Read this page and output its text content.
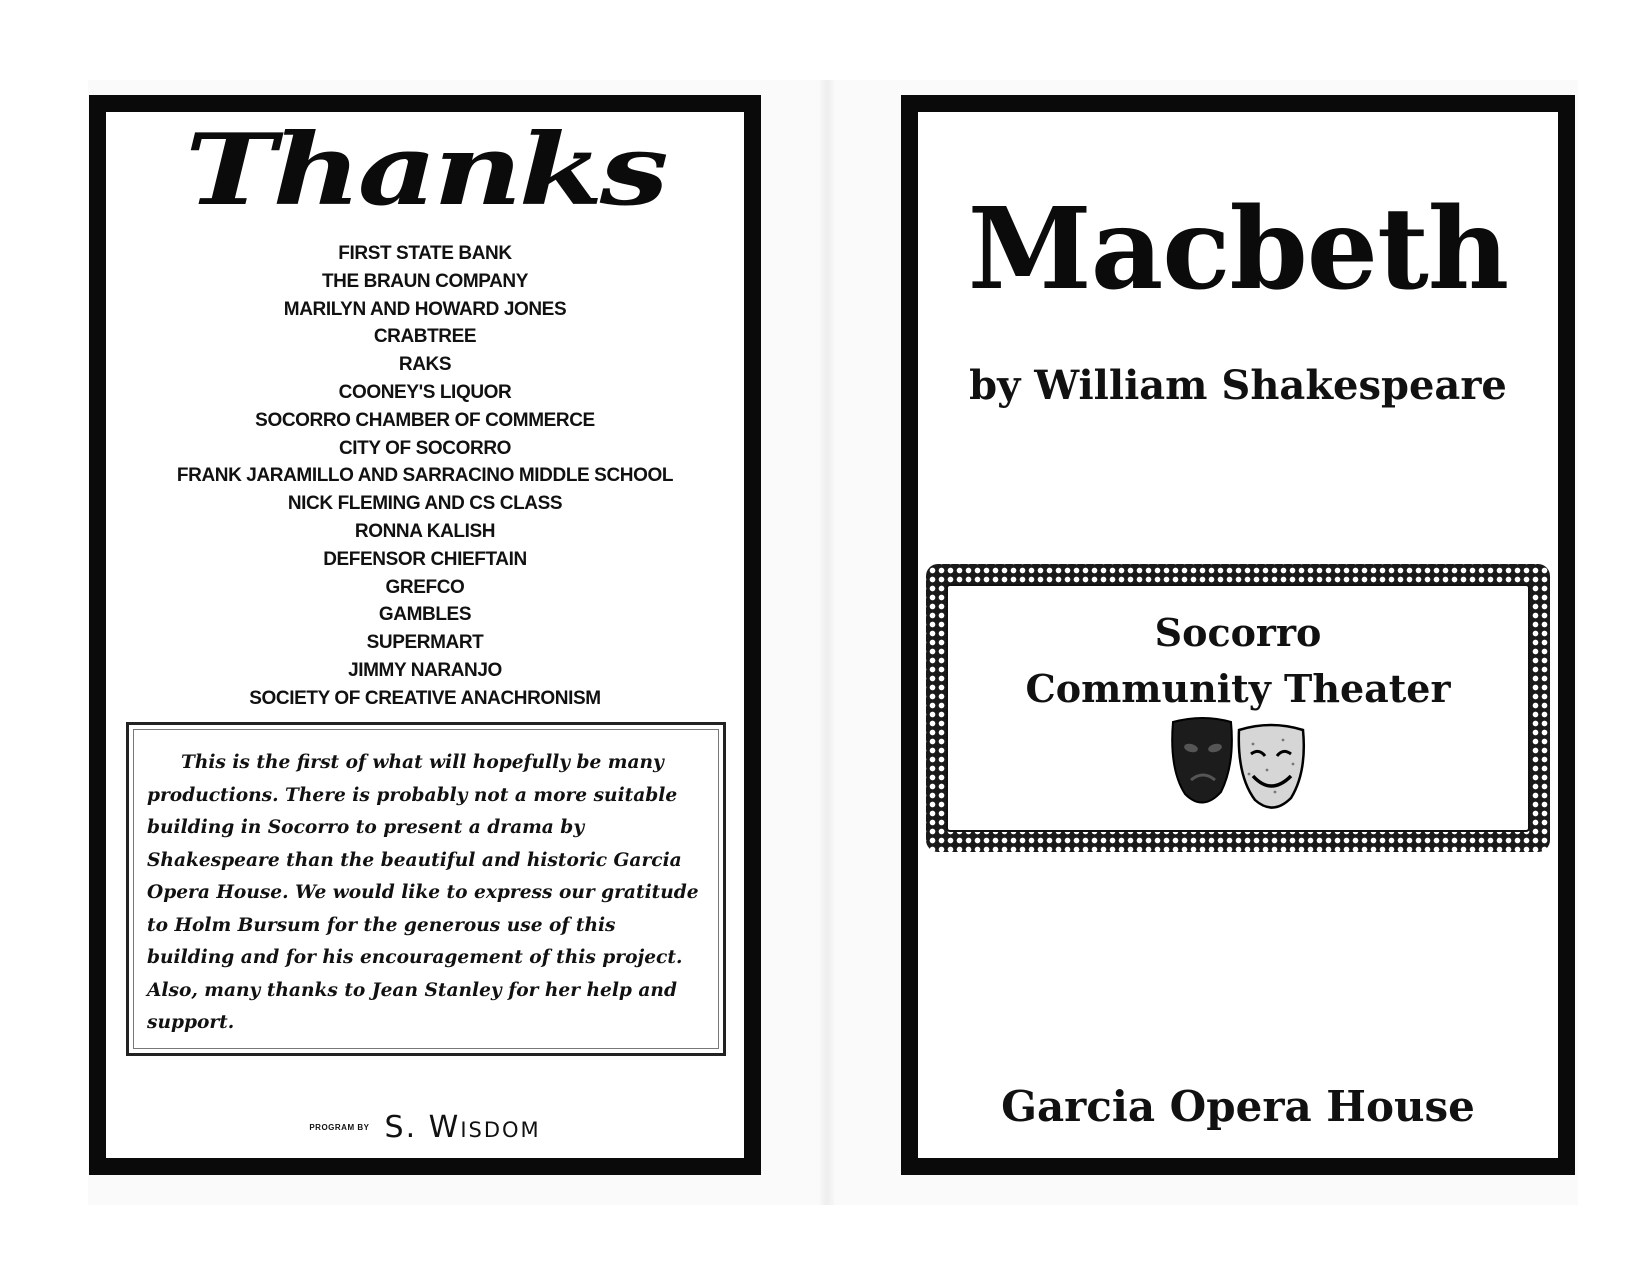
Thanks
FIRST STATE BANK
THE BRAUN COMPANY
MARILYN AND HOWARD JONES
CRABTREE
RAKS
COONEY'S LIQUOR
SOCORRO CHAMBER OF COMMERCE
CITY OF SOCORRO
FRANK JARAMILLO AND SARRACINO MIDDLE SCHOOL
NICK FLEMING AND CS CLASS
RONNA KALISH
DEFENSOR CHIEFTAIN
GREFCO
GAMBLES
SUPERMART
JIMMY NARANJO
SOCIETY OF CREATIVE ANACHRONISM

This is the first of what will hopefully be many productions. There is probably not a more suitable building in Socorro to present a drama by Shakespeare than the beautiful and historic Garcia Opera House. We would like to express our gratitude to Holm Bursum for the generous use of this building and for his encouragement of this project. Also, many thanks to Jean Stanley for her help and support.

PROGRAM BY S. Wisdom
Macbeth
by William Shakespeare
Socorro
Community Theater
Garcia Opera House
